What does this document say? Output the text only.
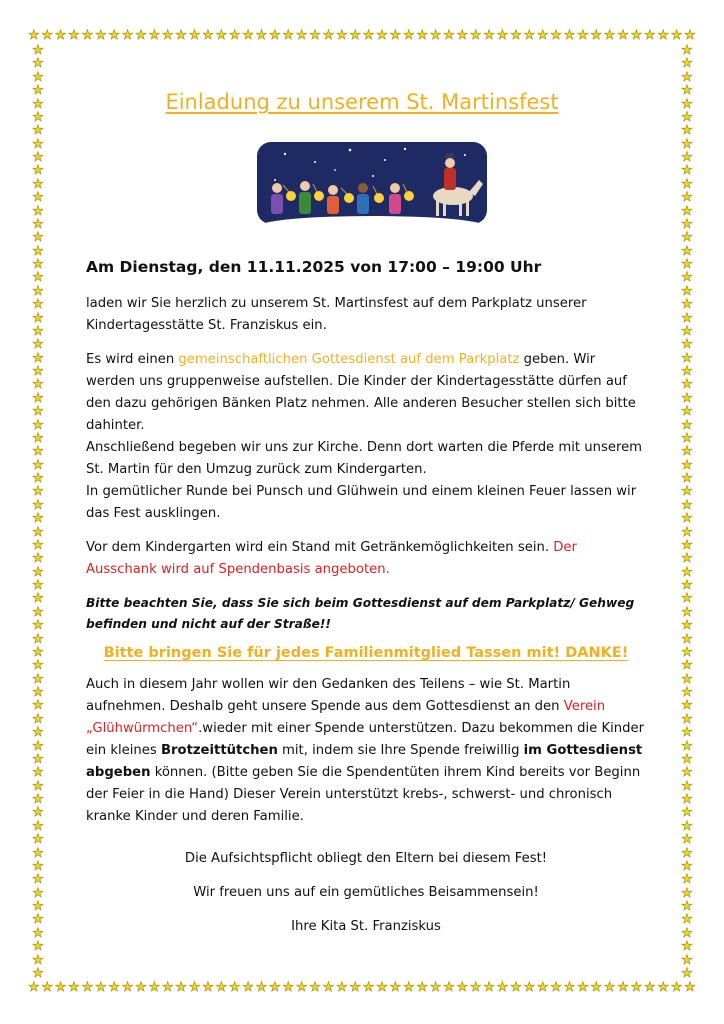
★ ★ ★ ★ ★ ★ ★ ★ ★ ★ ★ ★ ★ ★ ★ ★ ★ ★ ★ ★ ★ ★ ★ ★ ★ ★ ★ ★ ★ ★ ★ ★ ★ ★ ★ ★ ★ ★ ★ ★ ★ ★ ★ ★ ★ ★ ★ ★ ★ ★
★ ★ ★ ★ ★ ★ ★ ★ ★ ★ ★ ★ ★ ★ ★ ★ ★ ★ ★ ★ ★ ★ ★ ★ ★ ★ ★ ★ ★ ★ ★ ★ ★ ★ ★ ★ ★ ★ ★ ★ ★ ★ ★ ★ ★ ★ ★ ★ ★ ★
★
★
★
★
★
★
★
★
★
★
★
★
★
★
★
★
★
★
★
★
★
★
★
★
★
★
★
★
★
★
★
★
★
★
★
★
★
★
★
★
★
★
★
★
★
★
★
★
★
★
★
★
★
★
★
★
★
★
★
★
★
★
★
★
★
★
★
★
★
★
★
★
★
★
★
★
★
★
★
★
★
★
★
★
★
★
★
★
★
★
★
★
★
★
★
★
★
★
★
★
★
★
★
★
★
★
★
★
★
★
★
★
★
★
★
★
★
★
★
★
★
★
★
★
★
★
★
★
★
★
★
★
★
★
★
★
★
★
★
★
Einladung zu unserem St. Martinsfest
Am Dienstag, den 11.11.2025 von 17:00 – 19:00 Uhr

laden wir Sie herzlich zu unserem St. Martinsfest auf dem Parkplatz unserer Kindertagesstätte St. Franziskus ein.

Es wird einen gemeinschaftlichen Gottesdienst auf dem Parkplatz geben. Wir werden uns gruppenweise aufstellen. Die Kinder der Kindertagesstätte dürfen auf den dazu gehörigen Bänken Platz nehmen. Alle anderen Besucher stellen sich bitte dahinter.
Anschließend begeben wir uns zur Kirche. Denn dort warten die Pferde mit unserem St. Martin für den Umzug zurück zum Kindergarten.
In gemütlicher Runde bei Punsch und Glühwein und einem kleinen Feuer lassen wir das Fest ausklingen.

Vor dem Kindergarten wird ein Stand mit Getränkemöglichkeiten sein. Der Ausschank wird auf Spendenbasis angeboten.

Bitte beachten Sie, dass Sie sich beim Gottesdienst auf dem Parkplatz/ Gehweg befinden und nicht auf der Straße!!
Bitte bringen Sie für jedes Familienmitglied Tassen mit! DANKE!

Auch in diesem Jahr wollen wir den Gedanken des Teilens – wie St. Martin aufnehmen. Deshalb geht unsere Spende aus dem Gottesdienst an den Verein „Glühwürmchen“.wieder mit einer Spende unterstützen. Dazu bekommen die Kinder ein kleines Brotzeittütchen mit, indem sie Ihre Spende freiwillig im Gottesdienst abgeben können. (Bitte geben Sie die Spendentüten ihrem Kind bereits vor Beginn der Feier in die Hand) Dieser Verein unterstützt krebs-, schwerst- und chronisch kranke Kinder und deren Familie.

Die Aufsichtspflicht obliegt den Eltern bei diesem Fest!
Wir freuen uns auf ein gemütliches Beisammensein!
Ihre Kita St. Franziskus
